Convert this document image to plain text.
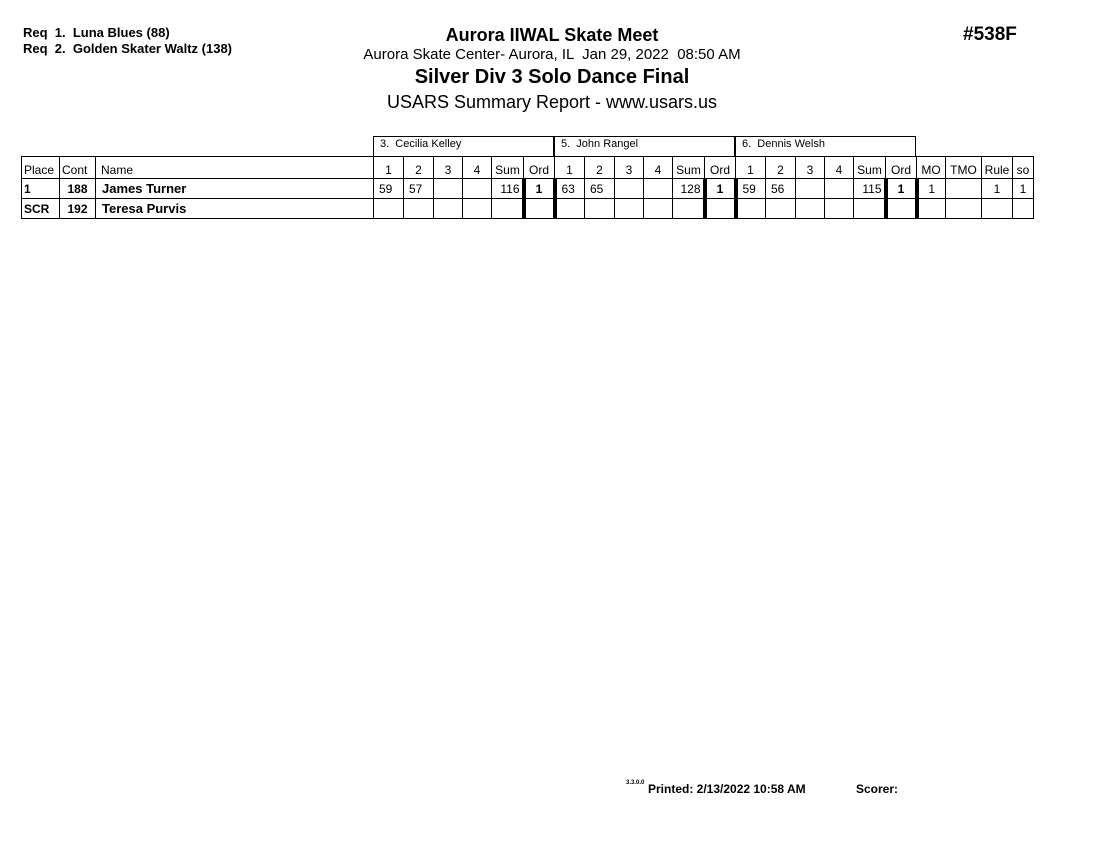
Req  1.  Luna Blues (88)
Req  2.  Golden Skater Waltz (138)
Aurora IIWAL Skate Meet
Aurora Skate Center- Aurora, IL  Jan 29, 2022  08:50 AM
Silver Div 3 Solo Dance Final
USARS Summary Report - www.usars.us
#538F
3.  Cecilia Kelley	5.  John Rangel	6.  Dennis Welsh
Place	Cont	Name	1	2	3	4	Sum	Ord	1	2	3	4	Sum	Ord	1	2	3	4	Sum	Ord	MO	TMO	Rule	so
1	188	James Turner	59	57			116	1	63	65			128	1	59	56			115	1	1		1	1
SCR	192	Teresa Purvis																						
3.3.0.0 Printed: 2/13/2022 10:58 AM	Scorer:
